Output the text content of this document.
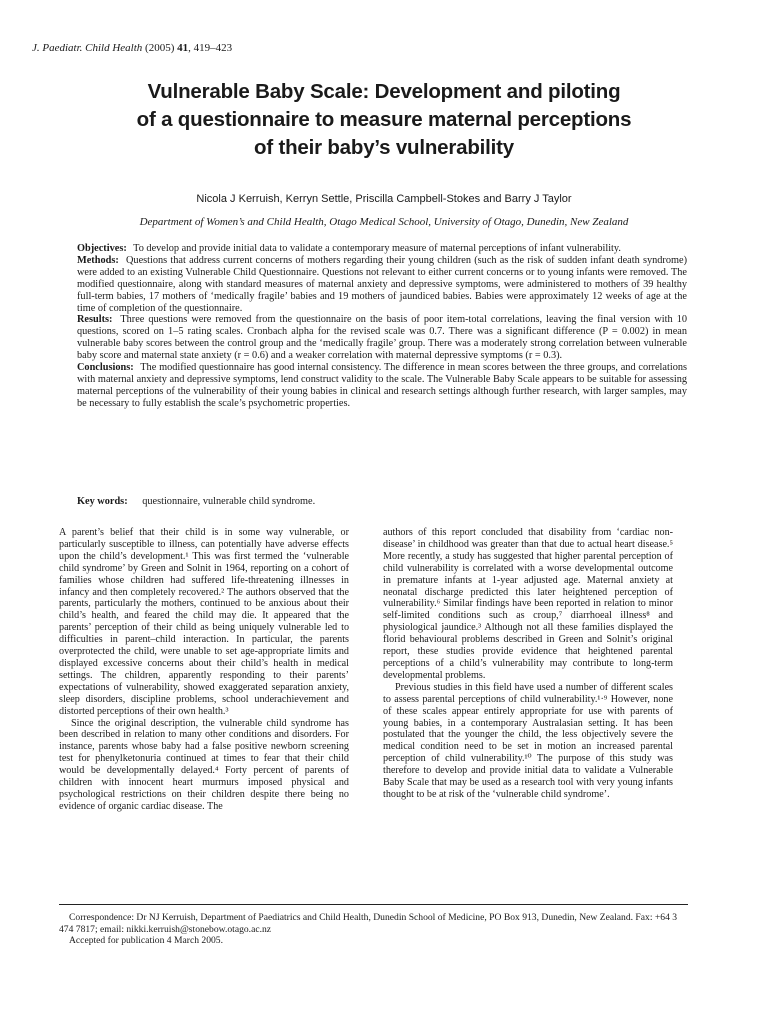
J. Paediatr. Child Health (2005) 41, 419–423
Vulnerable Baby Scale: Development and piloting
of a questionnaire to measure maternal perceptions
of their baby’s vulnerability
Nicola J Kerruish, Kerryn Settle, Priscilla Campbell-Stokes and Barry J Taylor
Department of Women’s and Child Health, Otago Medical School, University of Otago, Dunedin, New Zealand

Objectives: To develop and provide initial data to validate a contemporary measure of maternal perceptions of infant vulnerability.

Methods: Questions that address current concerns of mothers regarding their young children (such as the risk of sudden infant death syndrome) were added to an existing Vulnerable Child Questionnaire. Questions not relevant to either current concerns or to young infants were removed. The modified questionnaire, along with standard measures of maternal anxiety and depressive symptoms, were administered to mothers of 39 healthy full-term babies, 17 mothers of ‘medically fragile’ babies and 19 mothers of jaundiced babies. Babies were approximately 12 weeks of age at the time of completion of the questionnaire.

Results: Three questions were removed from the questionnaire on the basis of poor item-total correlations, leaving the final version with 10 questions, scored on 1–5 rating scales. Cronbach alpha for the revised scale was 0.7. There was a significant difference (P = 0.002) in mean vulnerable baby scores between the control group and the ‘medically fragile’ group. There was a moderately strong correlation between vulnerable baby score and maternal state anxiety (r = 0.6) and a weaker correlation with maternal depressive symptoms (r = 0.3).

Conclusions: The modified questionnaire has good internal consistency. The difference in mean scores between the three groups, and correlations with maternal anxiety and depressive symptoms, lend construct validity to the scale. The Vulnerable Baby Scale appears to be suitable for assessing maternal perceptions of the vulnerability of their young babies in clinical and research settings although further research, with larger samples, may be necessary to fully establish the scale’s psychometric properties.

Key words: questionnaire, vulnerable child syndrome.

A parent’s belief that their child is in some way vulnerable, or particularly susceptible to illness, can potentially have adverse effects upon the child’s development.¹ This was first termed the ‘vulnerable child syndrome’ by Green and Solnit in 1964, reporting on a cohort of families whose children had suffered life-threatening illnesses in infancy and then completely recovered.² The authors observed that the parents, particularly the mothers, continued to be anxious about their child’s health, and feared the child may die. It appeared that the parents’ perception of their child as being uniquely vulnerable led to difficulties in parent–child interaction. In particular, the parents overprotected the child, were unable to set age-appropriate limits and displayed excessive concerns about their child’s health in medical settings. The children, apparently responding to their parents’ expectations of vulnerability, showed exaggerated separation anxiety, sleep disorders, discipline problems, school underachievement and distorted perceptions of their own health.³

Since the original description, the vulnerable child syndrome has been described in relation to many other conditions and disorders. For instance, parents whose baby had a false positive newborn screening test for phenylketonuria continued at times to fear that their child would be developmentally delayed.⁴ Forty percent of parents of children with innocent heart murmurs imposed physical and psychological restrictions on their children despite there being no evidence of organic cardiac disease. The

authors of this report concluded that disability from ‘cardiac non-disease’ in childhood was greater than that due to actual heart disease.⁵ More recently, a study has suggested that higher parental perception of child vulnerability is correlated with a worse developmental outcome in premature infants at 1-year adjusted age. Maternal anxiety at neonatal discharge predicted this later heightened perception of vulnerability.⁶ Similar findings have been reported in relation to minor self-limited conditions such as croup,⁷ diarrhoeal illness⁸ and physiological jaundice.³ Although not all these families displayed the florid behavioural problems described in Green and Solnit’s original report, these studies provide evidence that heightened parental perceptions of a child’s vulnerability may contribute to long-term developmental problems.

Previous studies in this field have used a number of different scales to assess parental perceptions of child vulnerability.¹·⁹ However, none of these scales appear entirely appropriate for use with parents of young babies, in a contemporary Australasian setting. It has been postulated that the younger the child, the less objectively severe the medical condition need to be set in motion an increased parental perception of child vulnerability.¹⁰ The purpose of this study was therefore to develop and provide initial data to validate a Vulnerable Baby Scale that may be used as a research tool with very young infants thought to be at risk of the ‘vulnerable child syndrome’.

Correspondence: Dr NJ Kerruish, Department of Paediatrics and Child Health, Dunedin School of Medicine, PO Box 913, Dunedin, New Zealand. Fax: +64 3 474 7817; email: nikki.kerruish@stonebow.otago.ac.nz

Accepted for publication 4 March 2005.
